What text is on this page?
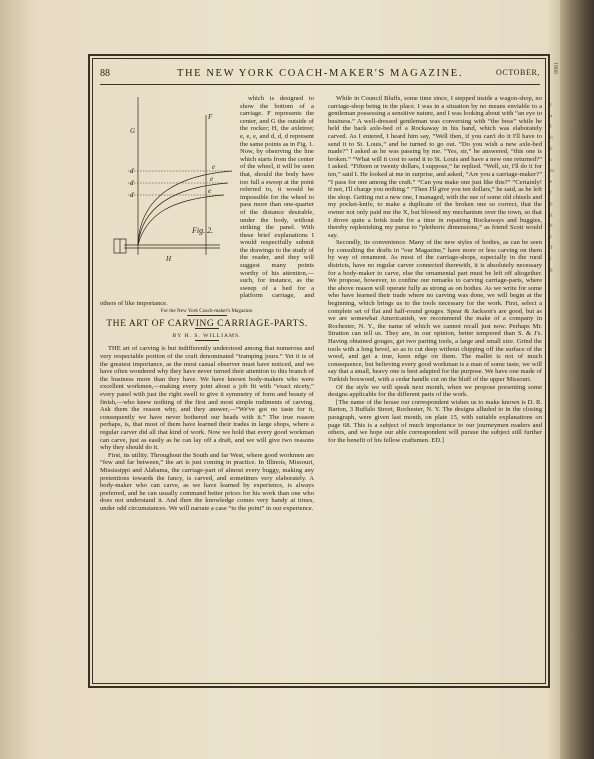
1866
c
a
f
li
h
s
m
e
f
p
g
h
c
T
t
g
88	THE NEW YORK COACH-MAKER'S MAGAZINE.	OCTOBER,
G
F
d
d
d
e
e
e
H
Fig. 2.

which is designed to show the bottom of a carriage. F represents the center, and G the outside of the rocker; H, the axletree; e, e, e, and d, d, d represent the same points as in Fig. 1. Now, by observing the line which starts from the center of the wheel, it will be seen that, should the body have too full a sweep at the point referred to, it would be impossible for the wheel to pass more than one-quarter of the distance desirable, under the body, without striking the panel. With these brief explanations I would respectfully submit the drawings to the study of the reader, and they will suggest many points worthy of his attention,—such, for instance, as the sweep of a bed for a platform carriage, and others of like importance.

For the New York Coach-maker's Magazine.

THE ART OF CARVING CARRIAGE-PARTS.

BY H. S. WILLIAMS.

THE art of carving is but indifferently understood among that numerous and very respectable portion of the craft denominated “tramping jours.” Yet it is of the greatest importance, as the most casual observer must have noticed, and we have often wondered why they have never turned their attention to this branch of the business more than they have. We have known body-makers who were excellent workmen,—making every joint about a job fit with “exact nicety,” every panel with just the right swell to give it symmetry of form and beauty of finish,—who knew nothing of the first and most simple rudiments of carving. Ask them the reason why, and they answer,—“We've got no taste for it, consequently we have never bothered our heads with it.” The true reason perhaps, is, that most of them have learned their trades in large shops, where a regular carver did all that kind of work. Now we hold that every good workman can carve, just as easily as he can lay off a draft, and we will give two reasons why they should do it.

First, its utility. Throughout the South and far West, where good workmen are “few and far between,” the art is just coming in practice. In Illinois, Missouri, Mississippi and Alabama, the carriage-part of almost every buggy, making any pretentions towards the fancy, is carved, and sometimes very elaborately. A body-maker who can carve, as we have learned by experience, is always preferred, and he can usually command better prices for his work than one who does not understand it. And then the knowledge comes very handy at times, under odd circumstances. We will narrate a case “to the point” in our experience.

While in Council Bluffs, some time since, I stepped inside a wagon-shop, no carriage-shop being in the place. I was in a situation by no means enviable to a gentleman possessing a sensitive nature, and I was looking about with “an eye to business.” A well-dressed gentleman was conversing with “the boss” while he held the back axle-bed of a Rockaway in his hand, which was elaborately carved. As I entered, I heard him say, “Well then, if you can't do it I'll have to send it to St. Louis,” and he turned to go out. “Do you wish a new axle-bed made?” I asked as he was passing by me. “Yes, sir,” he answered, “this one is broken.” “What will it cost to send it to St. Louis and have a new one returned?” I asked. “Fifteen or twenty dollars, I suppose,” he replied. “Well, sir, I'll do it for ten,” said I. He looked at me in surprise, and asked, “Are you a carriage-maker?” “I pass for one among the craft.” “Can you make one just like this?” “Certainly! if not, I'll charge you nothing.” “Then I'll give you ten dollars,” he said, as he left the shop. Getting out a new one, I managed, with the use of some old chisels and my pocket-knife, to make a duplicate of the broken one so correct, that the owner not only paid me the X, but blowed my mechanism over the town, so that I drove quite a brisk trade for a time in repairing Rockaways and buggies, thereby replenishing my purse to “plethoric dimensions,” as friend Scott would say.

Secondly, its convenience. Many of the new styles of bodies, as can be seen by consulting the drafts in “our Magazine,” have more or less carving on them by way of ornament. As most of the carriage-shops, especially in the rural districts, have no regular carver connected therewith, it is absolutely necessary for a body-maker to carve, else the ornamental part must be left off altogether. We propose, however, to confine our remarks to carving carriage-parts, where the above reason will operate fully as strong as on bodies. As we write for some who have learned their trade where no carving was done, we will begin at the beginning, which brings us to the tools necessary for the work. First, select a complete set of flat and half-round gouges. Spear & Jackson's are good, but as we are somewhat Americanish, we recommend the make of a company in Rochester, N. Y., the name of which we cannot recall just now. Perhaps Mr. Stratton can tell us. They are, in our opinion, better tempered than S. & J's. Having obtained gouges, get two parting tools, a large and small size. Grind the tools with a long bevel, so as to cut deep without chipping off the surface of the wood, and get a true, keen edge on them. The mallet is not of much consequence, but believing every good workman is a man of some taste, we will say that a small, heavy one is best adapted for the purpose. We have one made of Turkish boxwood, with a cedar handle cut on the bluff of the upper Missouri.

Of the style we will speak next month, when we propose presenting some designs applicable for the different parts of the work.

[The name of the house our correspondent wishes us to make known is D. R. Barton, 3 Buffalo Street, Rochester, N. Y. The designs alluded to in the closing paragraph, were given last month, on plate 15, with suitable explanations on page 68. This is a subject of much importance to our journeymen readers and others, and we hope our able correspondent will pursue the subject still further for the benefit of his fellow craftsmen. ED.]
